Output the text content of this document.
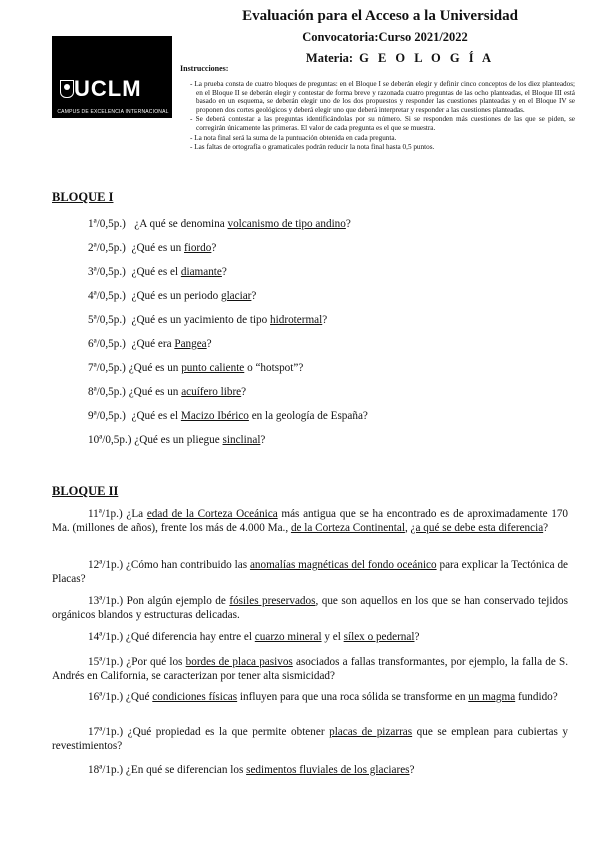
Evaluación para el Acceso a la Universidad
Convocatoria:Curso 2021/2022
Materia: G E O L O G Í A
UCLM
CAMPUS DE EXCELENCIA INTERNACIONAL
Instrucciones:

- La prueba consta de cuatro bloques de preguntas: en el Bloque I se deberán elegir y definir cinco conceptos de los diez planteados; en el Bloque II se deberán elegir y contestar de forma breve y razonada cuatro preguntas de las ocho planteadas, el Bloque III está basado en un esquema, se deberán elegir uno de los dos propuestos y responder las cuestiones planteadas y en el Bloque IV se proponen dos cortes geológicos y deberá elegir uno que deberá interpretar y responder a las cuestiones planteadas.

- Se deberá contestar a las preguntas identificándolas por su número. Si se responden más cuestiones de las que se piden, se corregirán únicamente las primeras. El valor de cada pregunta es el que se muestra.

- La nota final será la suma de la puntuación obtenida en cada pregunta.

- Las faltas de ortografía o gramaticales podrán reducir la nota final hasta 0,5 puntos.

BLOQUE I
1ª/0,5p.) ¿A qué se denomina volcanismo de tipo andino?
2ª/0,5p.) ¿Qué es un fiordo?
3ª/0,5p.) ¿Qué es el diamante?
4ª/0,5p.) ¿Qué es un periodo glaciar?
5ª/0,5p.) ¿Qué es un yacimiento de tipo hidrotermal?
6ª/0,5p.) ¿Qué era Pangea?
7ª/0,5p.) ¿Qué es un punto caliente o “hotspot”?
8ª/0,5p.) ¿Qué es un acuífero libre?
9ª/0,5p.) ¿Qué es el Macizo Ibérico en la geología de España?
10ª/0,5p.) ¿Qué es un pliegue sinclinal?
BLOQUE II
11ª/1p.) ¿La edad de la Corteza Oceánica más antigua que se ha encontrado es de aproximadamente 170 Ma. (millones de años), frente los más de 4.000 Ma., de la Corteza Continental, ¿a qué se debe esta diferencia?
12ª/1p.) ¿Cómo han contribuido las anomalías magnéticas del fondo oceánico para explicar la Tectónica de Placas?
13ª/1p.) Pon algún ejemplo de fósiles preservados, que son aquellos en los que se han conservado tejidos orgánicos blandos y estructuras delicadas.
14ª/1p.) ¿Qué diferencia hay entre el cuarzo mineral y el sílex o pedernal?
15ª/1p.) ¿Por qué los bordes de placa pasivos asociados a fallas transformantes, por ejemplo, la falla de S. Andrés en California, se caracterizan por tener alta sismicidad?
16ª/1p.) ¿Qué condiciones físicas influyen para que una roca sólida se transforme en un magma fundido?
17ª/1p.) ¿Qué propiedad es la que permite obtener placas de pizarras que se emplean para cubiertas y revestimientos?
18ª/1p.) ¿En qué se diferencian los sedimentos fluviales de los glaciares?
